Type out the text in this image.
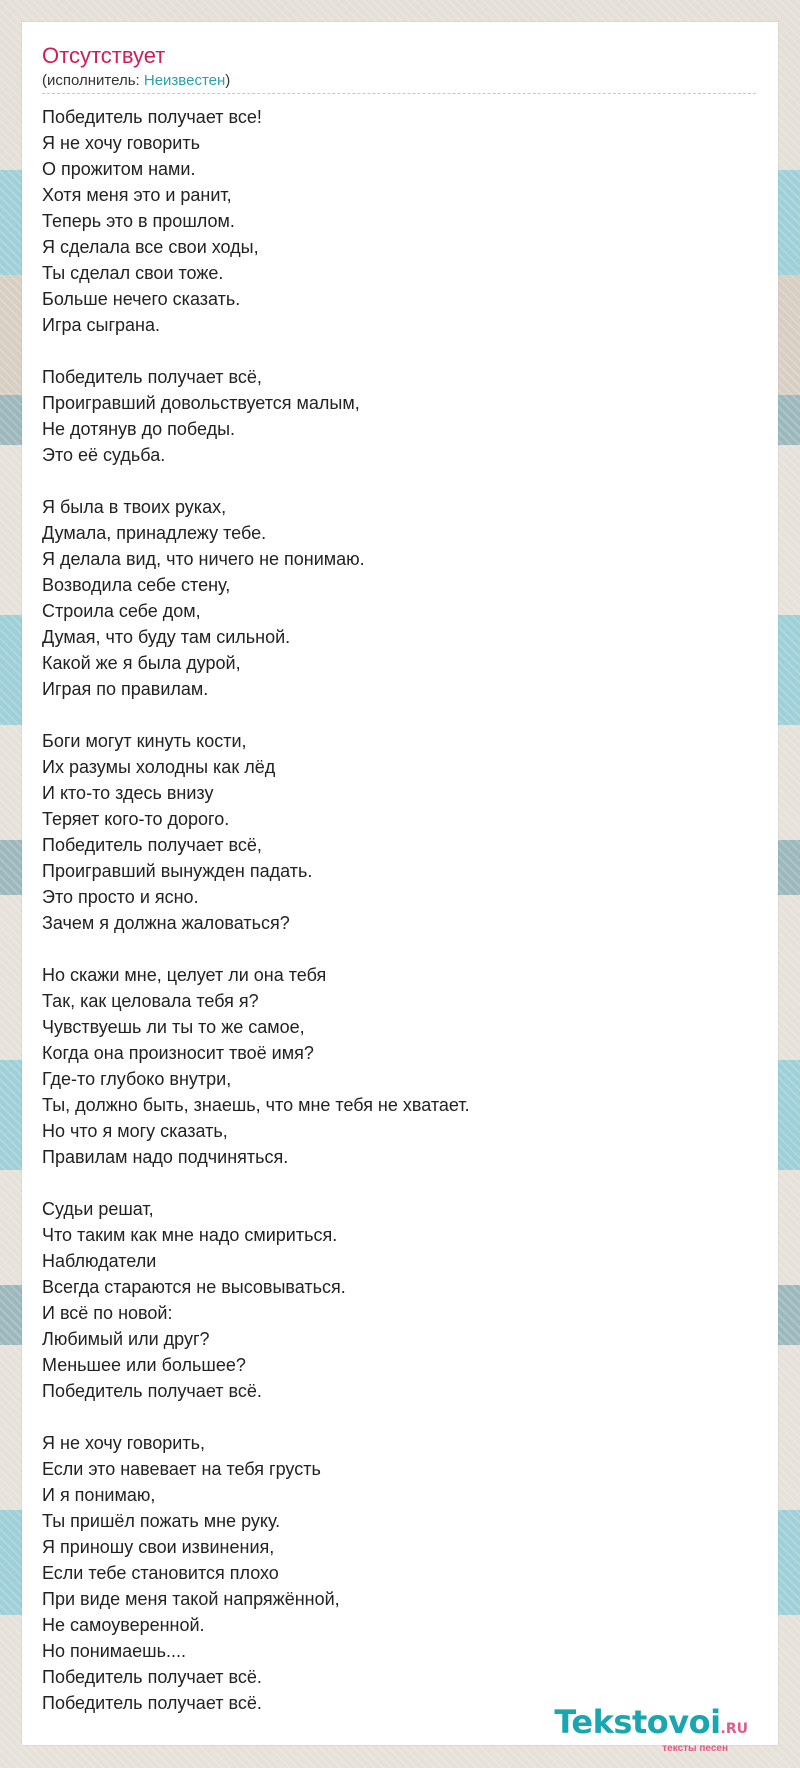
Отсутствует
(исполнитель: Неизвестен)
Победитель получает все!
Я не хочу говорить
О прожитом нами.
Хотя меня это и ранит,
Теперь это в прошлом.
Я сделала все свои ходы,
Ты сделал свои тоже.
Больше нечего сказать.
Игра сыграна.
Победитель получает всё,
Проигравший довольствуется малым,
Не дотянув до победы.
Это её судьба.
Я была в твоих руках,
Думала, принадлежу тебе.
Я делала вид, что ничего не понимаю.
Возводила себе стену,
Строила себе дом,
Думая, что буду там сильной.
Какой же я была дурой,
Играя по правилам.
Боги могут кинуть кости,
Их разумы холодны как лёд
И кто-то здесь внизу
Теряет кого-то дорого.
Победитель получает всё,
Проигравший вынужден падать.
Это просто и ясно.
Зачем я должна жаловаться?
Но скажи мне, целует ли она тебя
Так, как целовала тебя я?
Чувствуешь ли ты то же самое,
Когда она произносит твоё имя?
Где-то глубоко внутри,
Ты, должно быть, знаешь, что мне тебя не хватает.
Но что я могу сказать,
Правилам надо подчиняться.
Судьи решат,
Что таким как мне надо смириться.
Наблюдатели
Всегда стараются не высовываться.
И всё по новой:
Любимый или друг?
Меньшее или большее?
Победитель получает всё.
Я не хочу говорить,
Если это навевает на тебя грусть
И я понимаю,
Ты пришёл пожать мне руку.
Я приношу свои извинения,
Если тебе становится плохо
При виде меня такой напряжённой,
Не самоуверенной.
Но понимаешь....
Победитель получает всё.
Победитель получает всё.	Tekstovoi.RU
тексты песен
